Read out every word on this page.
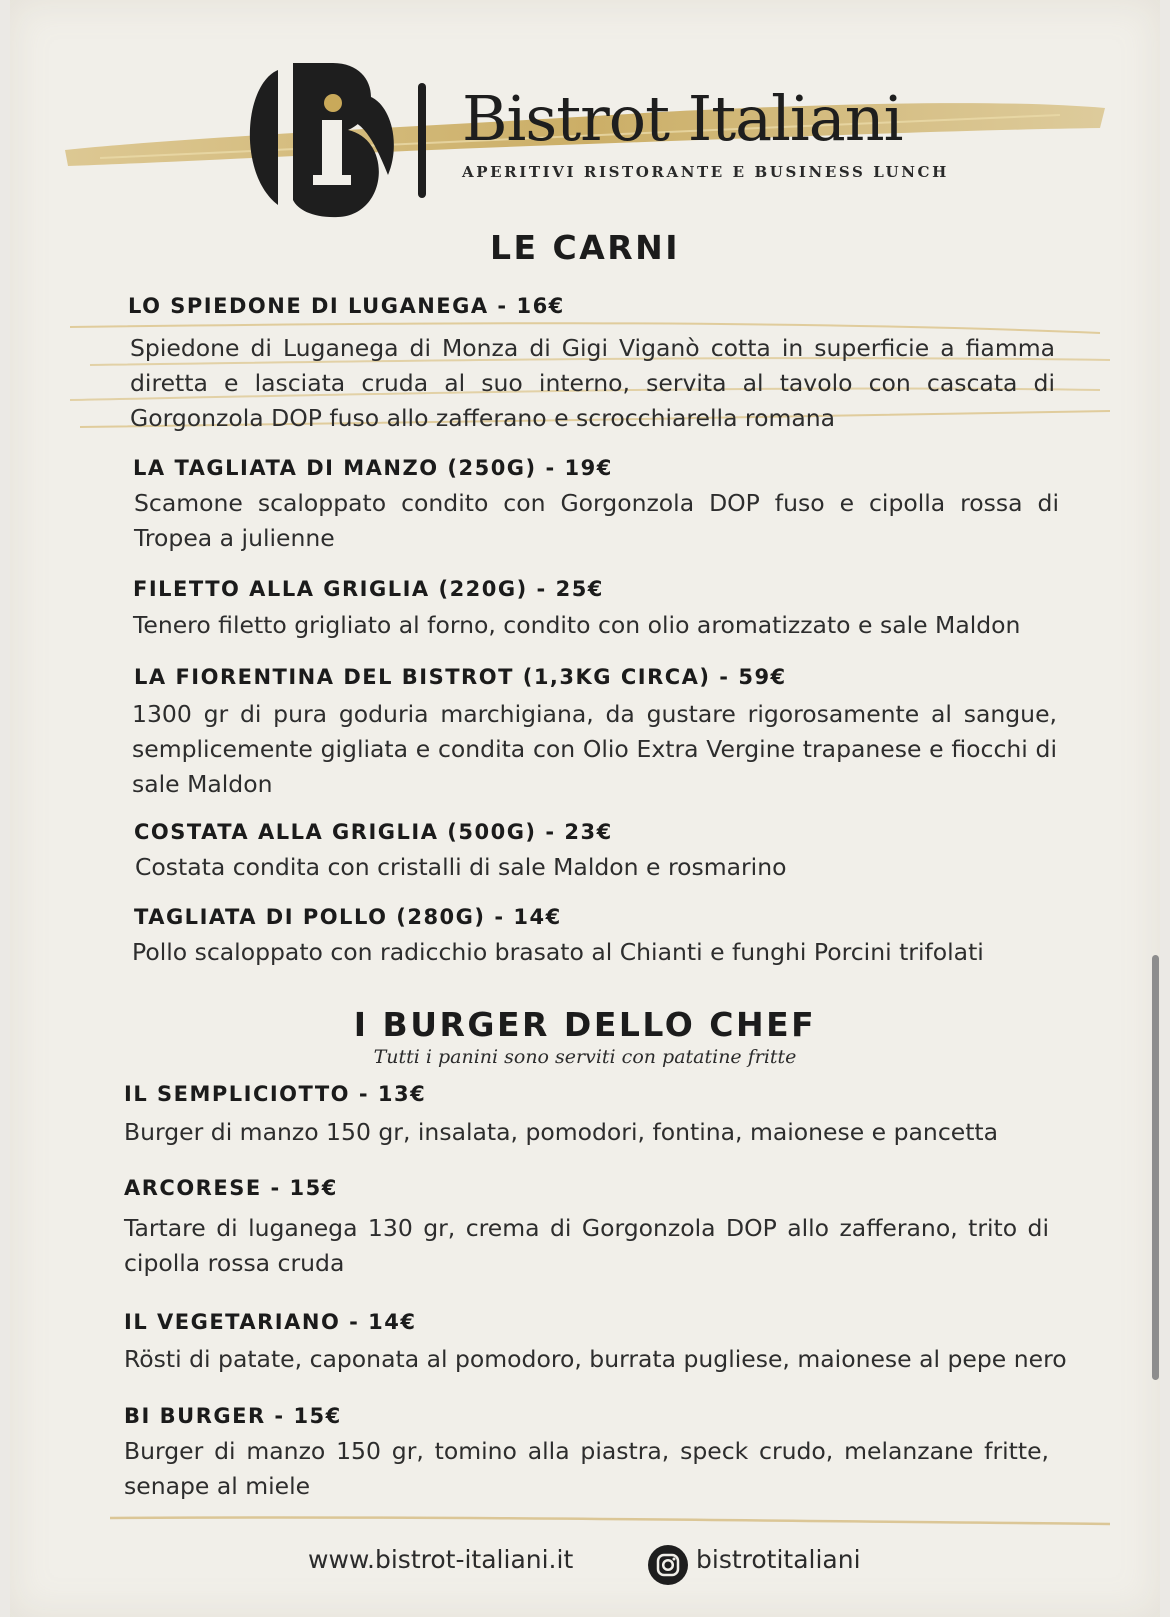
Bistrot Italiani
APERITIVI RISTORANTE E BUSINESS LUNCH
LE CARNI
LO SPIEDONE DI LUGANEGA - 16€
Spiedone di Luganega di Monza di Gigi Viganò cotta in superficie a fiamma diretta e lasciata cruda al suo interno, servita al tavolo con cascata di Gorgonzola DOP fuso allo zafferano e scrocchiarella romana
LA TAGLIATA DI MANZO (250G) - 19€
Scamone scaloppato condito con Gorgonzola DOP fuso e cipolla rossa di Tropea a julienne
FILETTO ALLA GRIGLIA (220G) - 25€
Tenero filetto grigliato al forno, condito con olio aromatizzato e sale Maldon
LA FIORENTINA DEL BISTROT (1,3KG CIRCA) - 59€
1300 gr di pura goduria marchigiana, da gustare rigorosamente al sangue, semplicemente gigliata e condita con Olio Extra Vergine trapanese e fiocchi di sale Maldon
COSTATA ALLA GRIGLIA (500G) - 23€
Costata condita con cristalli di sale Maldon e rosmarino
TAGLIATA DI POLLO (280G) - 14€
Pollo scaloppato con radicchio brasato al Chianti e funghi Porcini trifolati
I BURGER DELLO CHEF
Tutti i panini sono serviti con patatine fritte
IL SEMPLICIOTTO - 13€
Burger di manzo 150 gr, insalata, pomodori, fontina, maionese e pancetta
ARCORESE - 15€
Tartare di luganega 130 gr, crema di Gorgonzola DOP allo zafferano, trito di cipolla rossa cruda
IL VEGETARIANO - 14€
Rösti di patate, caponata al pomodoro, burrata pugliese, maionese al pepe nero
BI BURGER - 15€
Burger di manzo 150 gr, tomino alla piastra, speck crudo, melanzane fritte, senape al miele
www.bistrot-italiani.it	bistrotitaliani
